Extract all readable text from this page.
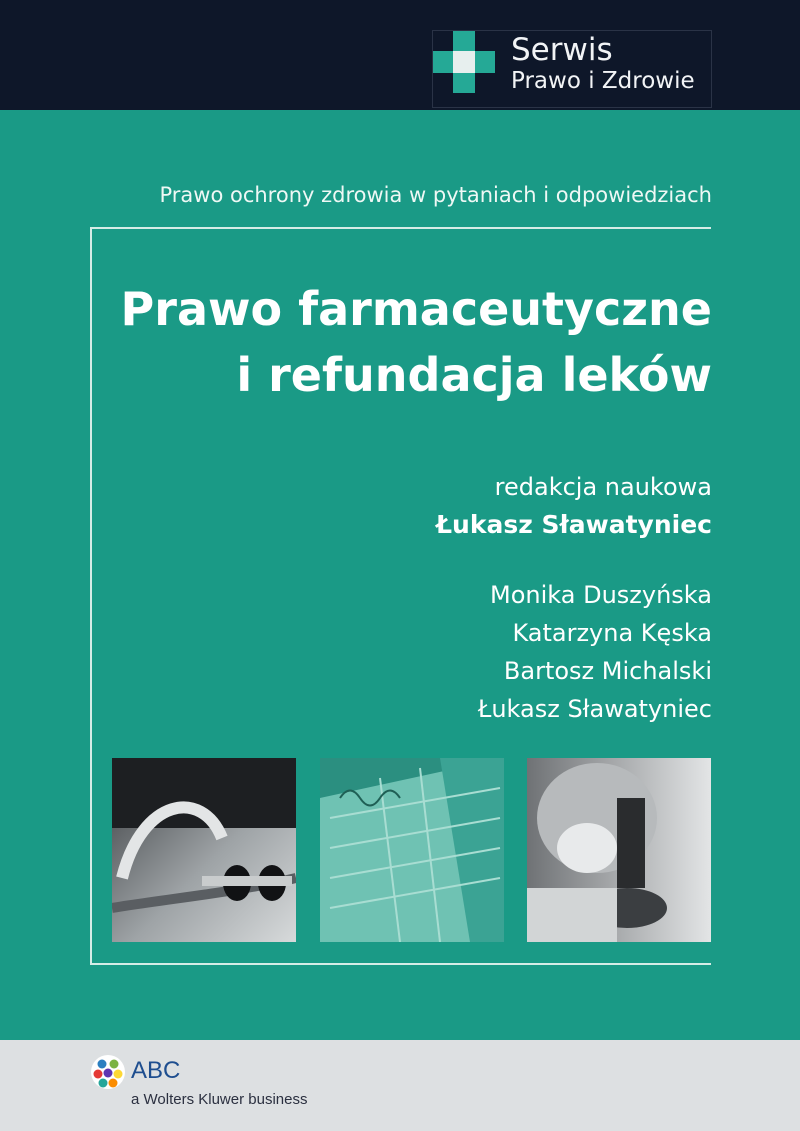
Serwis
Prawo i Zdrowie
Prawo ochrony zdrowia w pytaniach i odpowiedziach
Prawo farmaceutyczne
i refundacja leków
redakcja naukowa
Łukasz Sławatyniec
Monika Duszyńska
Katarzyna Kęska
Bartosz Michalski
Łukasz Sławatyniec
ABC
a Wolters Kluwer business
